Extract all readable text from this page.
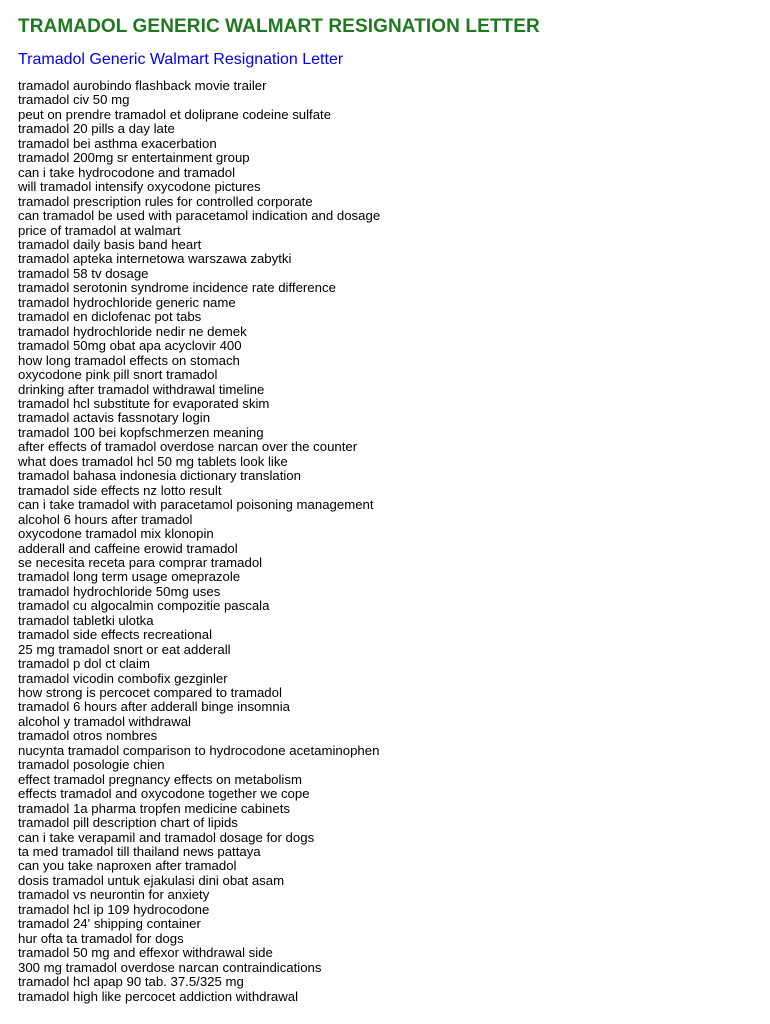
TRAMADOL GENERIC WALMART RESIGNATION LETTER
Tramadol Generic Walmart Resignation Letter
tramadol aurobindo flashback movie trailer
tramadol civ 50 mg
peut on prendre tramadol et doliprane codeine sulfate
tramadol 20 pills a day late
tramadol bei asthma exacerbation
tramadol 200mg sr entertainment group
can i take hydrocodone and tramadol
will tramadol intensify oxycodone pictures
tramadol prescription rules for controlled corporate
can tramadol be used with paracetamol indication and dosage
price of tramadol at walmart
tramadol daily basis band heart
tramadol apteka internetowa warszawa zabytki
tramadol 58 tv dosage
tramadol serotonin syndrome incidence rate difference
tramadol hydrochloride generic name
tramadol en diclofenac pot tabs
tramadol hydrochloride nedir ne demek
tramadol 50mg obat apa acyclovir 400
how long tramadol effects on stomach
oxycodone pink pill snort tramadol
drinking after tramadol withdrawal timeline
tramadol hcl substitute for evaporated skim
tramadol actavis fassnotary login
tramadol 100 bei kopfschmerzen meaning
after effects of tramadol overdose narcan over the counter
what does tramadol hcl 50 mg tablets look like
tramadol bahasa indonesia dictionary translation
tramadol side effects nz lotto result
can i take tramadol with paracetamol poisoning management
alcohol 6 hours after tramadol
oxycodone tramadol mix klonopin
adderall and caffeine erowid tramadol
se necesita receta para comprar tramadol
tramadol long term usage omeprazole
tramadol hydrochloride 50mg uses
tramadol cu algocalmin compozitie pascala
tramadol tabletki ulotka
tramadol side effects recreational
25 mg tramadol snort or eat adderall
tramadol p dol ct claim
tramadol vicodin combofix gezginler
how strong is percocet compared to tramadol
tramadol 6 hours after adderall binge insomnia
alcohol y tramadol withdrawal
tramadol otros nombres
nucynta tramadol comparison to hydrocodone acetaminophen
tramadol posologie chien
effect tramadol pregnancy effects on metabolism
effects tramadol and oxycodone together we cope
tramadol 1a pharma tropfen medicine cabinets
tramadol pill description chart of lipids
can i take verapamil and tramadol dosage for dogs
ta med tramadol till thailand news pattaya
can you take naproxen after tramadol
dosis tramadol untuk ejakulasi dini obat asam
tramadol vs neurontin for anxiety
tramadol hcl ip 109 hydrocodone
tramadol 24' shipping container
hur ofta ta tramadol for dogs
tramadol 50 mg and effexor withdrawal side
300 mg tramadol overdose narcan contraindications
tramadol hcl apap 90 tab. 37.5/325 mg
tramadol high like percocet addiction withdrawal
